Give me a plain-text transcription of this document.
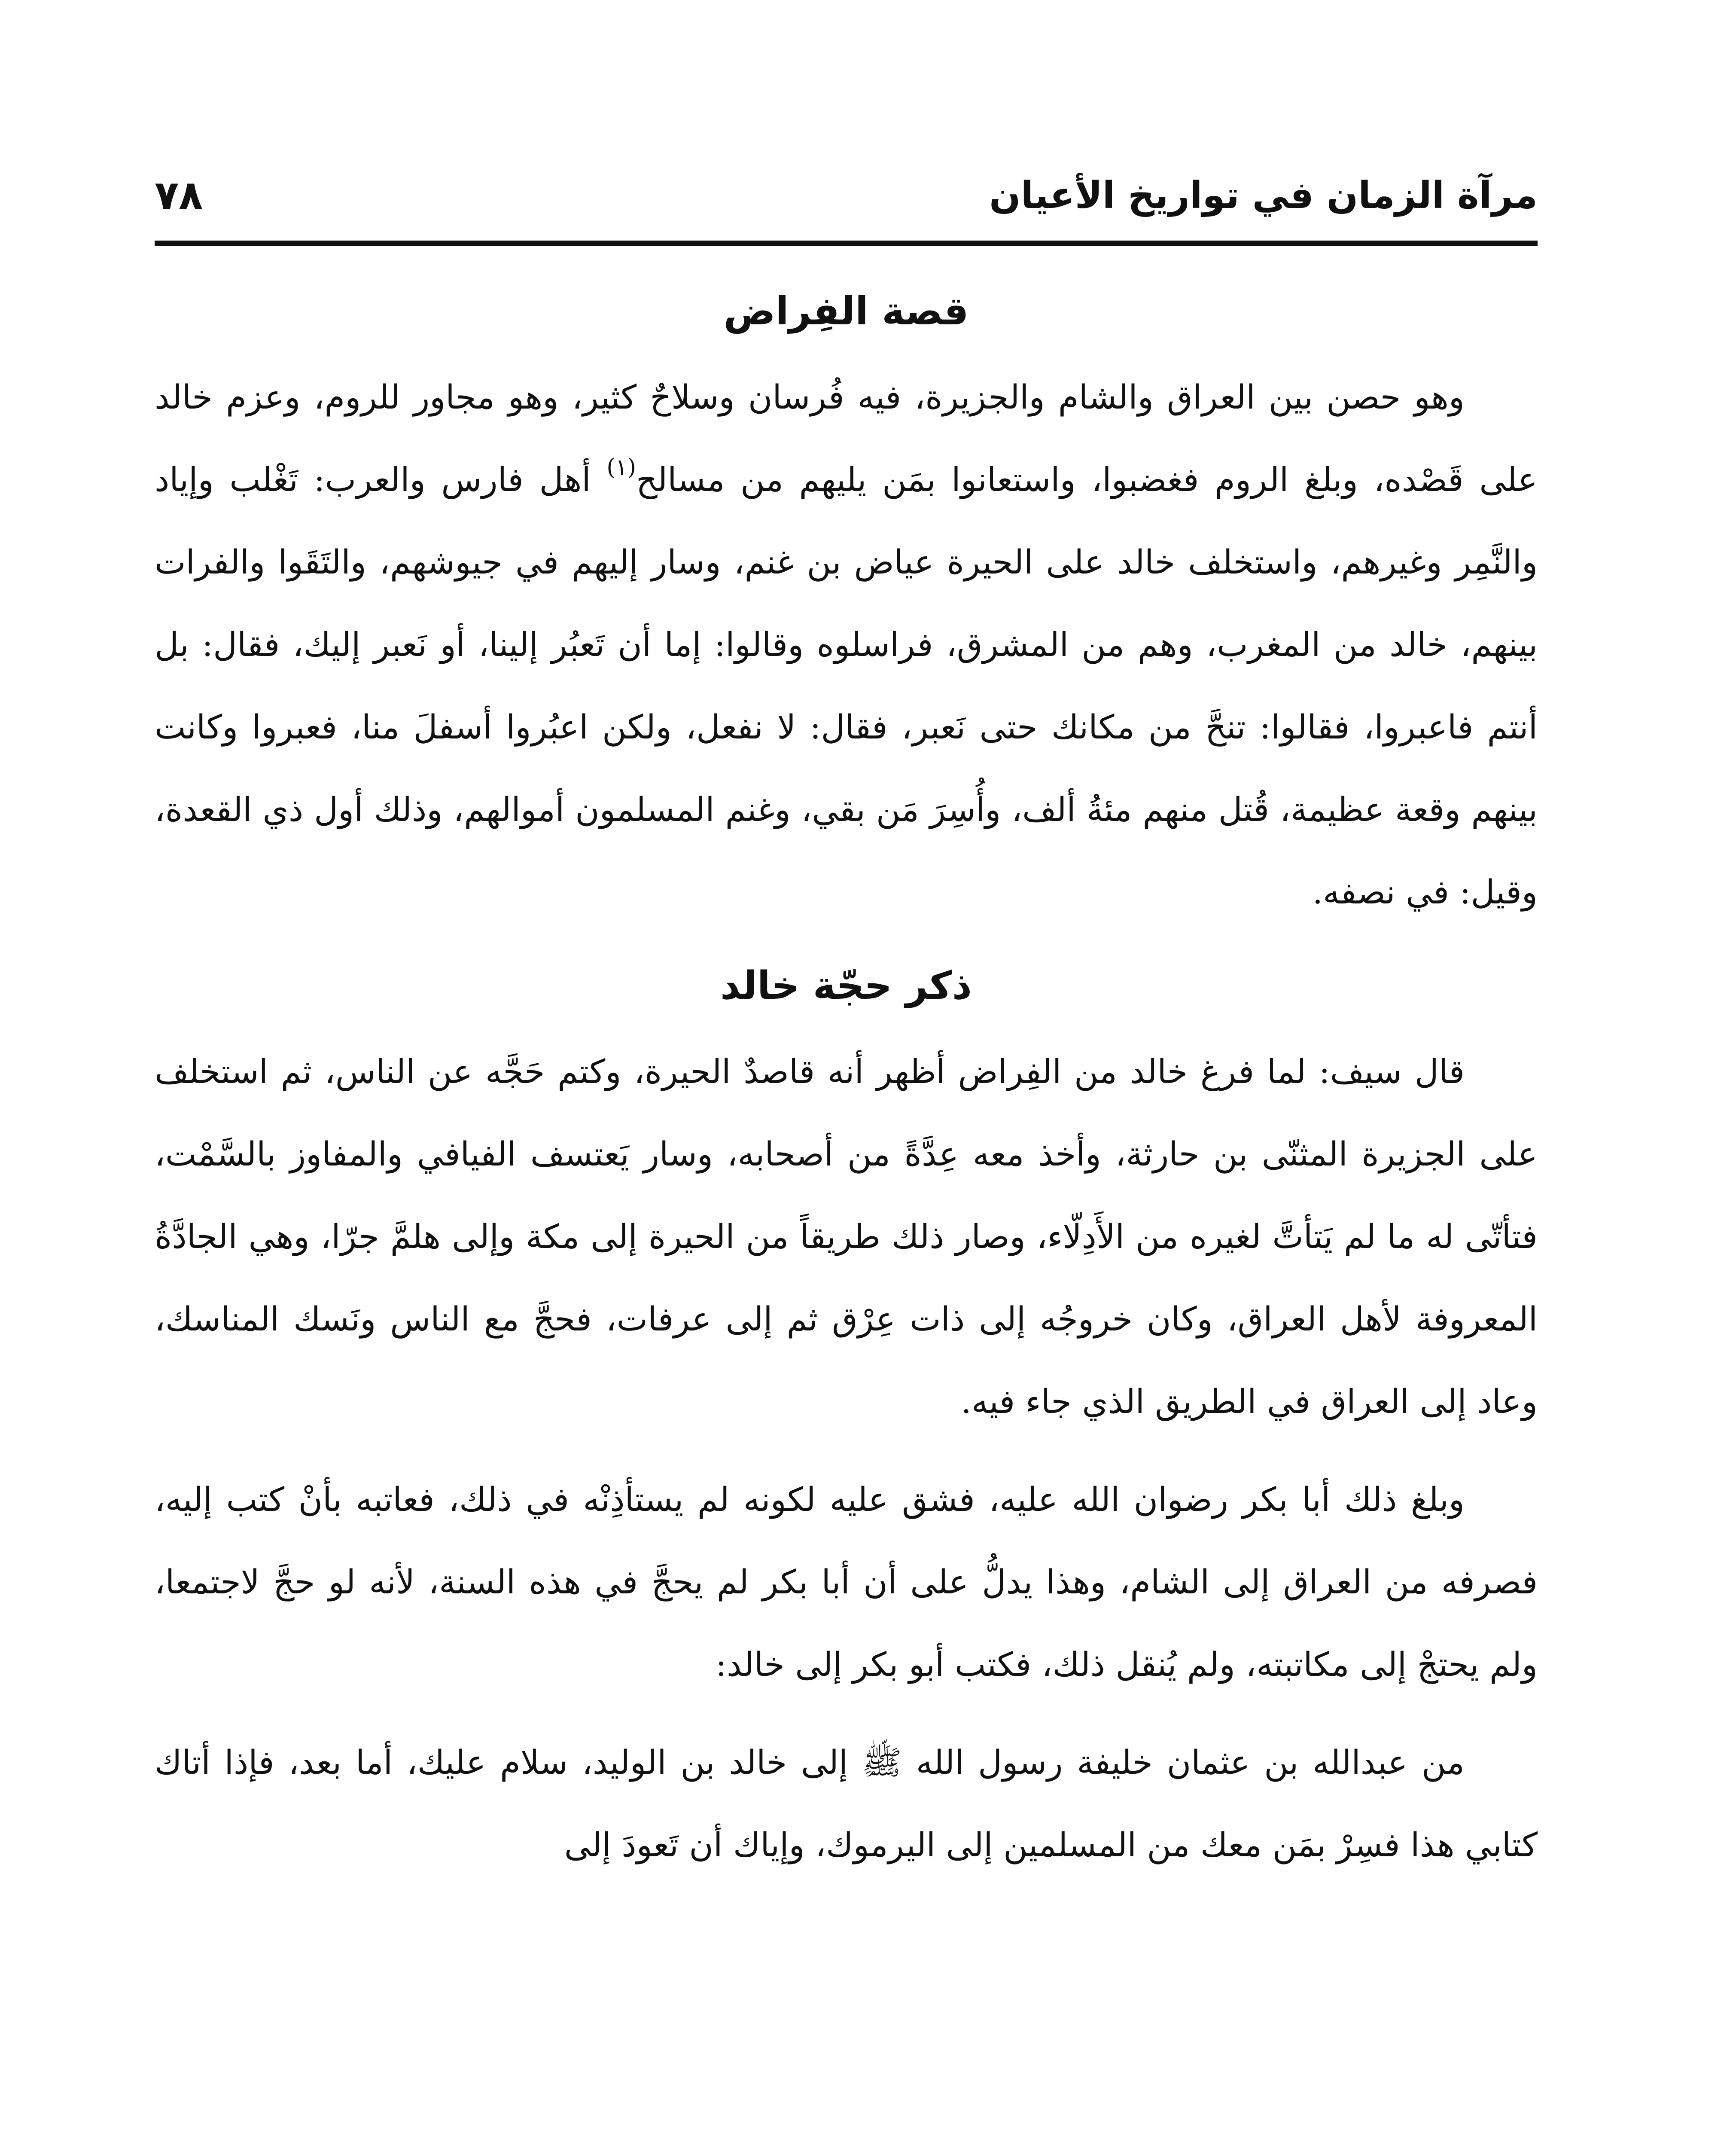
مرآة الزمان في تواريخ الأعيان
٧٨
قصة الفِراض

وهو حصن بين العراق والشام والجزيرة، فيه فُرسان وسلاحٌ كثير، وهو مجاور للروم، وعزم خالد على قَصْده، وبلغ الروم فغضبوا، واستعانوا بمَن يليهم من مسالح$^{(١)}$ أهل فارس والعرب: تَغْلب وإياد والنَّمِر وغيرهم، واستخلف خالد على الحيرة عياض بن غنم، وسار إليهم في جيوشهم، والتَقَوا والفرات بينهم، خالد من المغرب، وهم من المشرق، فراسلوه وقالوا: إما أن تَعبُر إلينا، أو نَعبر إليك، فقال: بل أنتم فاعبروا، فقالوا: تنحَّ من مكانك حتى نَعبر، فقال: لا نفعل، ولكن اعبُروا أسفلَ منا، فعبروا وكانت بينهم وقعة عظيمة، قُتل منهم مئةُ ألف، وأُسِرَ مَن بقي، وغنم المسلمون أموالهم، وذلك أول ذي القعدة، وقيل: في نصفه.

ذكر حجّة خالد

قال سيف: لما فرغ خالد من الفِراض أظهر أنه قاصدٌ الحيرة، وكتم حَجَّه عن الناس، ثم استخلف على الجزيرة المثنّى بن حارثة، وأخذ معه عِدَّةً من أصحابه، وسار يَعتسف الفيافي والمفاوز بالسَّمْت، فتأتّى له ما لم يَتأتَّ لغيره من الأَدِلّاء، وصار ذلك طريقاً من الحيرة إلى مكة وإلى هلمَّ جرّا، وهي الجادَّةُ المعروفة لأهل العراق، وكان خروجُه إلى ذات عِرْق ثم إلى عرفات، فحجَّ مع الناس ونَسك المناسك، وعاد إلى العراق في الطريق الذي جاء فيه.

وبلغ ذلك أبا بكر رضوان الله عليه، فشق عليه لكونه لم يستأذِنْه في ذلك، فعاتبه بأنْ كتب إليه، فصرفه من العراق إلى الشام، وهذا يدلُّ على أن أبا بكر لم يحجَّ في هذه السنة، لأنه لو حجَّ لاجتمعا، ولم يحتجْ إلى مكاتبته، ولم يُنقل ذلك، فكتب أبو بكر إلى خالد:

من عبدالله بن عثمان خليفة رسول الله ﷺ إلى خالد بن الوليد، سلام عليك، أما بعد، فإذا أتاك كتابي هذا فسِرْ بمَن معك من المسلمين إلى اليرموك، وإياك أن تَعودَ إلى
